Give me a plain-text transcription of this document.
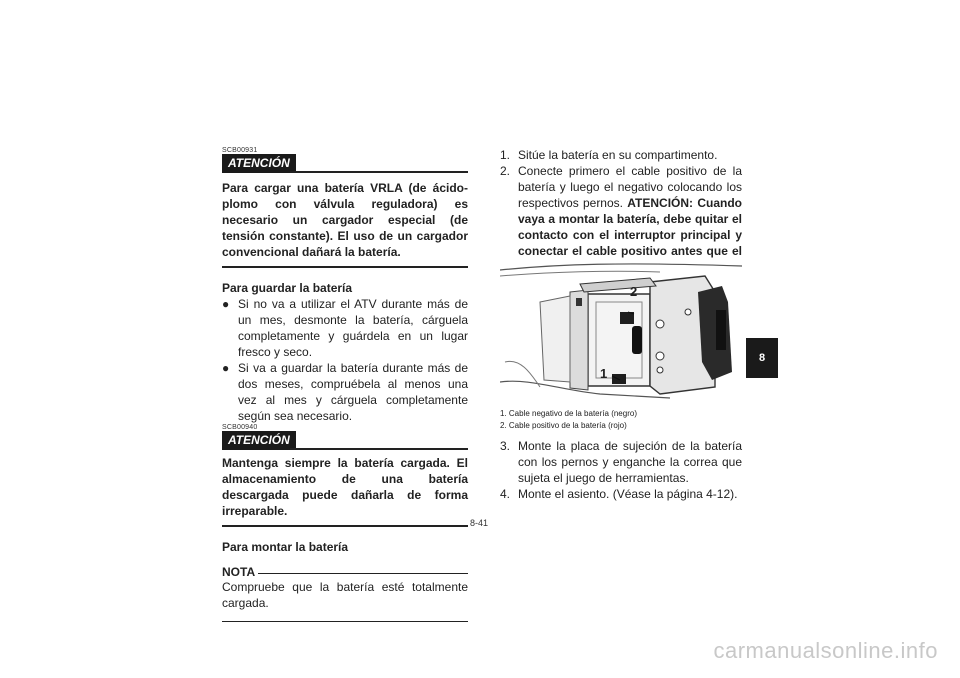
SCB00931
ATENCIÓN
Para cargar una batería VRLA (de ácido-plomo con válvula reguladora) es necesario un cargador especial (de tensión constante). El uso de un cargador convencional dañará la batería.
Para guardar la batería
● Si no va a utilizar el ATV durante más de un mes, desmonte la batería, cárguela completamente y guárdela en un lugar fresco y seco.
● Si va a guardar la batería durante más de dos meses, compruébela al menos una vez al mes y cárguela completamente según sea necesario.
SCB00940
ATENCIÓN
Mantenga siempre la batería cargada. El almacenamiento de una batería descargada puede dañarla de forma irreparable.
Para montar la batería
NOTA
Compruebe que la batería esté totalmente cargada.
1. Sitúe la batería en su compartimento.
2. Conecte primero el cable positivo de la batería y luego el negativo colocando los respectivos pernos. ATENCIÓN: Cuando vaya a montar la batería, debe quitar el contacto con el interruptor principal y conectar el cable positivo antes que el
2
1
1. Cable negativo de la batería (negro)
2. Cable positivo de la batería (rojo)
3. Monte la placa de sujeción de la batería con los pernos y enganche la correa que sujeta el juego de herramientas.
4. Monte el asiento. (Véase la página 4-12).
8
8-41
carmanualsonline.info
